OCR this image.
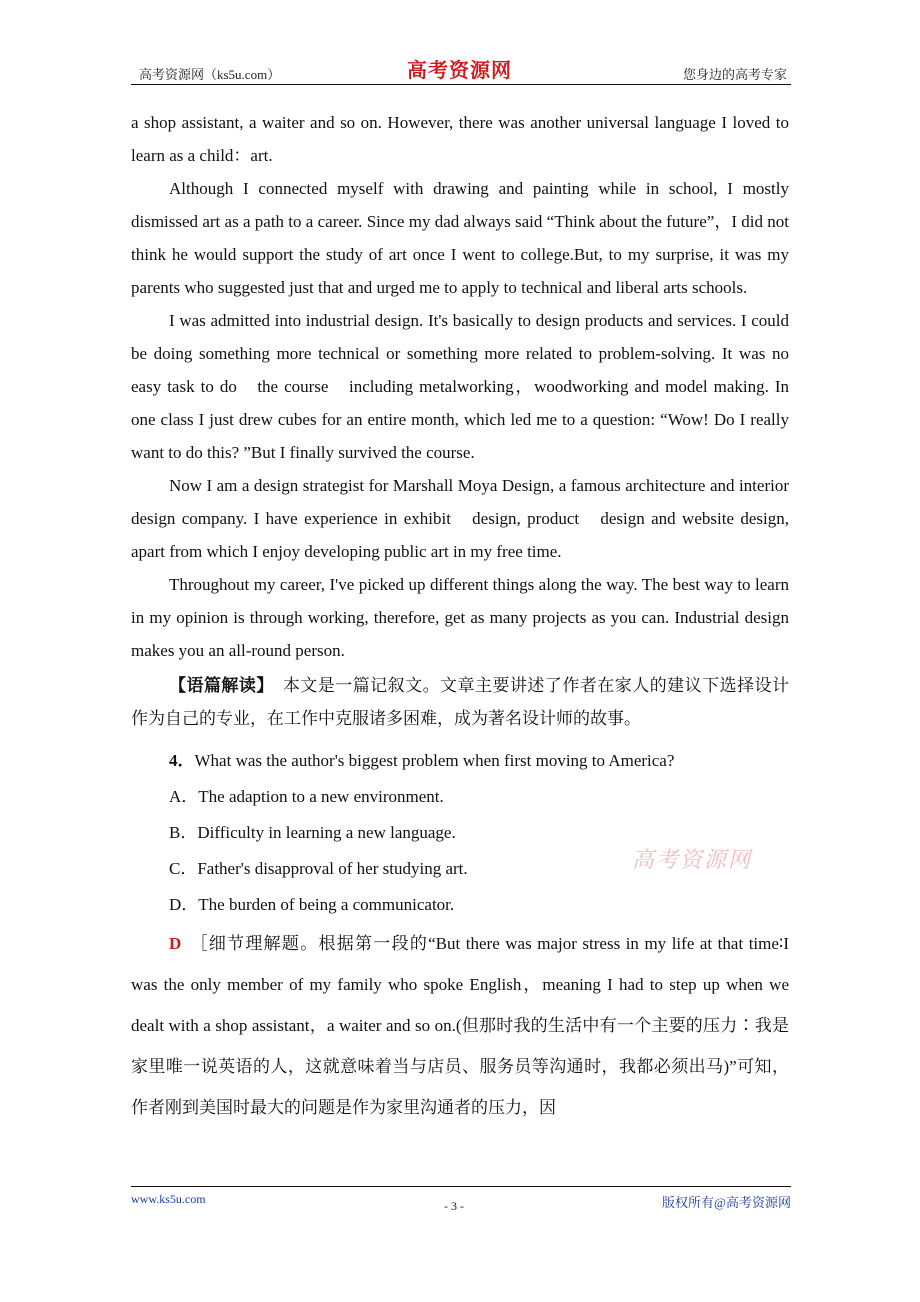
高考资源网（ks5u.com）	高考资源网	您身边的高考专家

a shop assistant, a waiter and so on. However, there was another universal language I loved to learn as a child：art.

Although I connected myself with drawing and painting while in school, I mostly dismissed art as a path to a career. Since my dad always said “Think about the future”，I did not think he would support the study of art once I went to college.But, to my surprise, it was my parents who suggested just that and urged me to apply to technical and liberal arts schools.

I was admitted into industrial design. It's basically to design products and services. I could be doing something more technical or something more related to problem‑solving. It was no easy task to do　the course　including metalworking，woodworking and model making. In one class I just drew cubes for an entire month, which led me to a question: “Wow! Do I really want to do this? ”But I finally survived the course.

Now I am a design strategist for Marshall Moya Design, a famous architecture and interior design company. I have experience in exhibit　design, product　design and website design, apart from which I enjoy developing public art in my free time.

Throughout my career, I've picked up different things along the way. The best way to learn in my opinion is through working, therefore, get as many projects as you can. Industrial design makes you an all‑round person.

【语篇解读】　本文是一篇记叙文。文章主要讲述了作者在家人的建议下选择设计作为自己的专业，在工作中克服诸多困难，成为著名设计师的故事。

4．What was the author's biggest problem when first moving to America?

A．The adaption to a new environment.

B．Difficulty in learning a new language.

C．Father's disapproval of her studying art.

D．The burden of being a communicator.

D ［细节理解题。根据第一段的“But there was major stress in my life at that time∶I was the only member of my family who spoke English，meaning I had to step up when we dealt with a shop assistant，a waiter and so on.(但那时我的生活中有一个主要的压力∶我是家里唯一说英语的人，这就意味着当与店员、服务员等沟通时，我都必须出马)”可知，作者刚到美国时最大的问题是作为家里沟通者的压力，因

高考资源网
www.ks5u.com	- 3 -	版权所有@高考资源网
